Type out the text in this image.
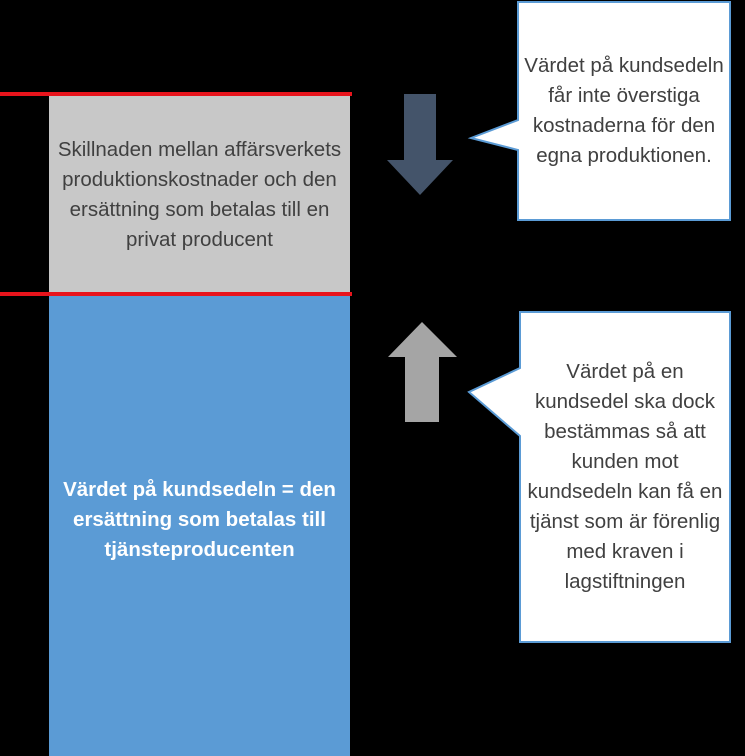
Skillnaden mellan affärsverkets produktionskostnader och den ersättning som betalas till en privat producent
Värdet på kundsedeln = den ersättning som betalas till tjänsteproducenten
Värdet på kundsedeln får inte överstiga kostnaderna för den egna produktionen.
Värdet på en kundsedel ska dock bestämmas så att kunden mot kundsedeln kan få en tjänst som är förenlig med kraven i lagstiftningen
